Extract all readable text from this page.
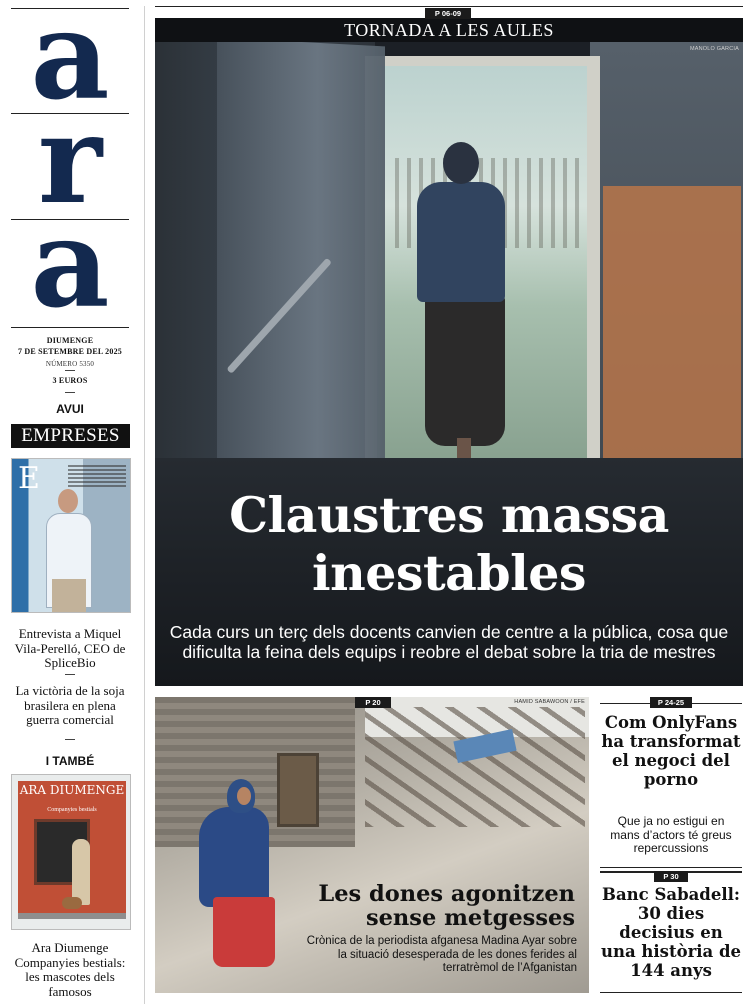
a
r
a
DIUMENGE
7 DE SETEMBRE DEL 2025
NÚMERO 5350
3 EUROS
AVUI
EMPRESES
E
Entrevista a Miquel Vila-Perelló, CEO de SpliceBio
La victòria de la soja brasilera en plena guerra comercial
I TAMBÉ
ARA DIUMENGE
Companyies bestials
Ara Diumenge Companyies bestials: les mascotes dels famosos
TORNADA A LES AULES
MANOLO GARCIA
Claustres massa inestables
Cada curs un terç dels docents canvien de centre a la pública, cosa que dificulta la feina dels equips i reobre el debat sobre la tria de mestres
P 06-09
HAMID SABAWOON / EFE
Les dones agonitzen sense metgesses
Crònica de la periodista afganesa Madina Ayar sobre la situació desesperada de les dones ferides al terratrèmol de l’Afganistan
P 20
Com OnlyFans ha transformat el negoci del porno
Que ja no estigui en mans d’actors té greus repercussions
P 24-25
Banc Sabadell: 30 dies decisius en una història de 144 anys
P 30
